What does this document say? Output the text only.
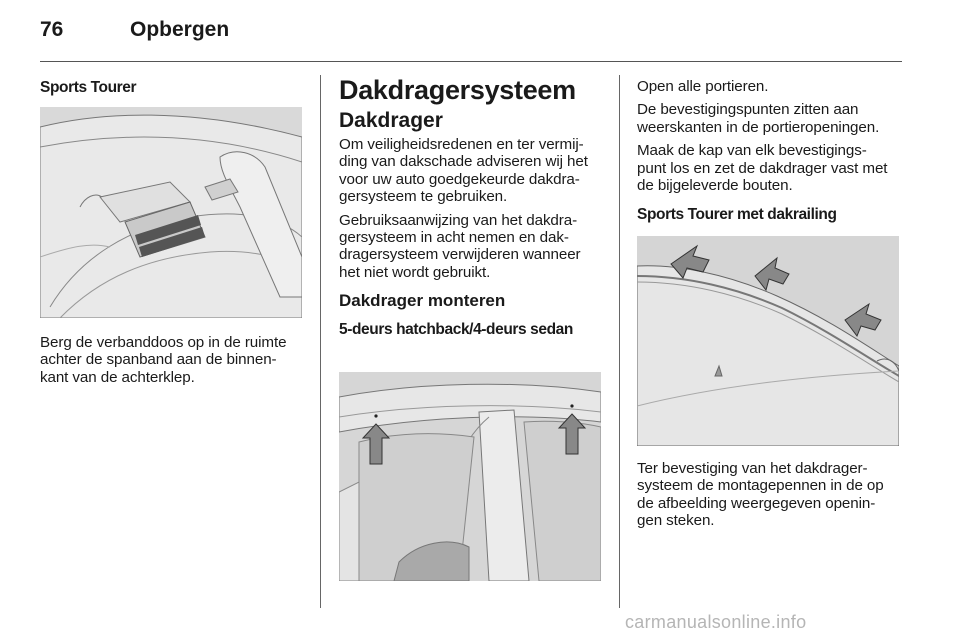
76	Opbergen
Sports Tourer

Berg de verbanddoos op in de ruimte
achter de spanband aan de binnen-
kant van de achterklep.

Dakdragersysteem
Dakdrager

Om veiligheidsredenen en ter vermij-
ding van dakschade adviseren wij het
voor uw auto goedgekeurde dakdra-
gersysteem te gebruiken.

Gebruiksaanwijzing van het dakdra-
gersysteem in acht nemen en dak-
dragersysteem verwijderen wanneer
het niet wordt gebruikt.

Dakdrager monteren
5-deurs hatchback/4-deurs sedan

Open alle portieren.

De bevestigingspunten zitten aan
weerskanten in de portieropeningen.

Maak de kap van elk bevestigings-
punt los en zet de dakdrager vast met
de bijgeleverde bouten.

Sports Tourer met dakrailing

Ter bevestiging van het dakdrager-
systeem de montagepennen in de op
de afbeelding weergegeven openin-
gen steken.

carmanualsonline.info
